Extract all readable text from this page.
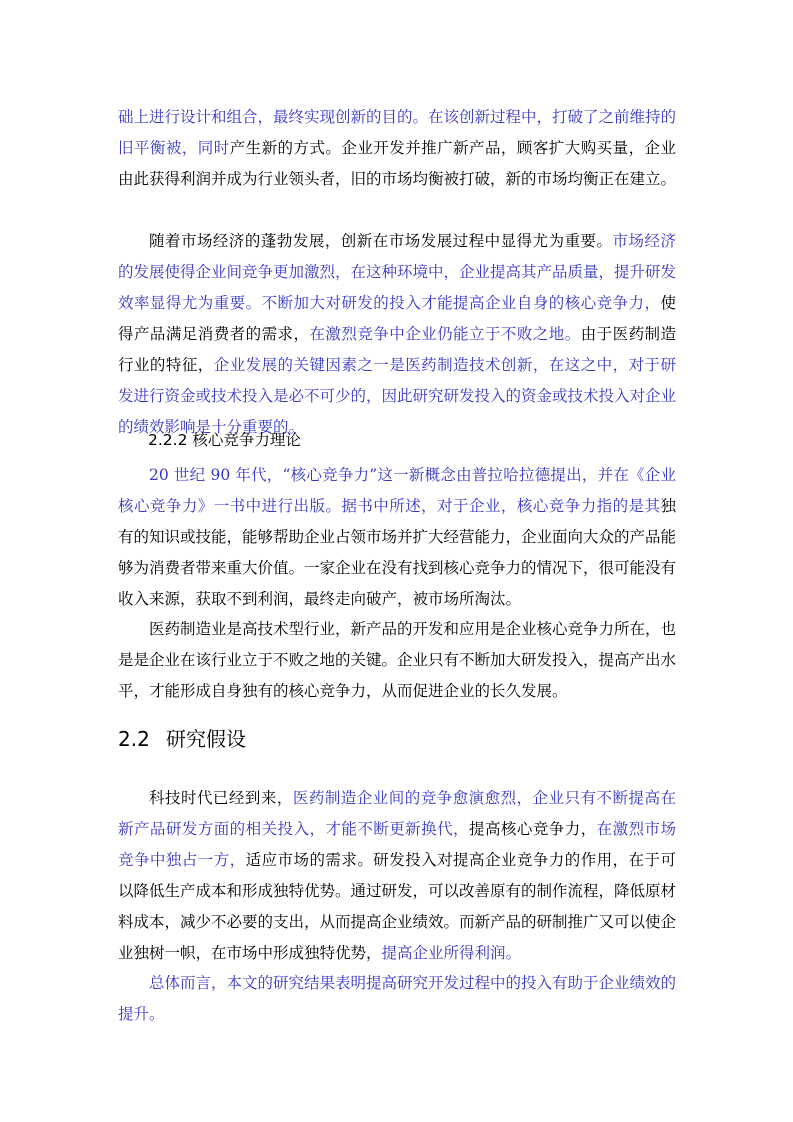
础上进行设计和组合，最终实现创新的目的。在该创新过程中，打破了之前维持的旧平衡被，同时产生新的方式。企业开发并推广新产品，顾客扩大购买量，企业由此获得利润并成为行业领头者，旧的市场均衡被打破，新的市场均衡正在建立。

随着市场经济的蓬勃发展，创新在市场发展过程中显得尤为重要。市场经济的发展使得企业间竞争更加激烈，在这种环境中，企业提高其产品质量，提升研发效率显得尤为重要。不断加大对研发的投入才能提高企业自身的核心竞争力，使得产品满足消费者的需求，在激烈竞争中企业仍能立于不败之地。由于医药制造行业的特征，企业发展的关键因素之一是医药制造技术创新，在这之中，对于研发进行资金或技术投入是必不可少的，因此研究研发投入的资金或技术投入对企业的绩效影响是十分重要的。

2.2.2 核心竞争力理论

20 世纪 90 年代，“核心竞争力”这一新概念由普拉哈拉德提出，并在《企业核心竞争力》一书中进行出版。据书中所述，对于企业，核心竞争力指的是其独有的知识或技能，能够帮助企业占领市场并扩大经营能力，企业面向大众的产品能够为消费者带来重大价值。一家企业在没有找到核心竞争力的情况下，很可能没有收入来源，获取不到利润，最终走向破产，被市场所淘汰。

医药制造业是高技术型行业，新产品的开发和应用是企业核心竞争力所在，也是是企业在该行业立于不败之地的关键。企业只有不断加大研发投入，提高产出水平，才能形成自身独有的核心竞争力，从而促进企业的长久发展。

2.2 研究假设

科技时代已经到来，医药制造企业间的竞争愈演愈烈，企业只有不断提高在新产品研发方面的相关投入，才能不断更新换代，提高核心竞争力，在激烈市场竞争中独占一方，适应市场的需求。研发投入对提高企业竞争力的作用，在于可以降低生产成本和形成独特优势。通过研发，可以改善原有的制作流程，降低原材料成本，减少不必要的支出，从而提高企业绩效。而新产品的研制推广又可以使企业独树一帜，在市场中形成独特优势，提高企业所得利润。

总体而言，本文的研究结果表明提高研究开发过程中的投入有助于企业绩效的提升。
